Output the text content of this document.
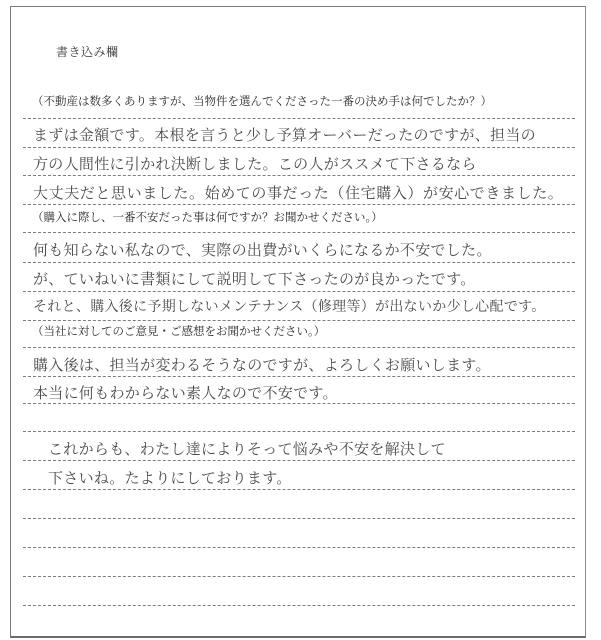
書き込み欄
（不動産は数多くありますが、当物件を選んでくださった一番の決め手は何でしたか？）
まずは金額です。本根を言うと少し予算オーバーだったのですが、担当の
方の人間性に引かれ決断しました。この人がススメて下さるなら
大丈夫だと思いました。始めての事だった（住宅購入）が安心できました。
（購入に際し、一番不安だった事は何ですか？お聞かせください。）
何も知らない私なので、実際の出費がいくらになるか不安でした。
が、ていねいに書類にして説明して下さったのが良かったです。
それと、購入後に予期しないメンテナンス（修理等）が出ないか少し心配です。
（当社に対してのご意見・ご感想をお聞かせください。）
購入後は、担当が変わるそうなのですが、よろしくお願いします。
本当に何もわからない素人なので不安です。
これからも、わたし達によりそって悩みや不安を解決して
下さいね。たよりにしております。
